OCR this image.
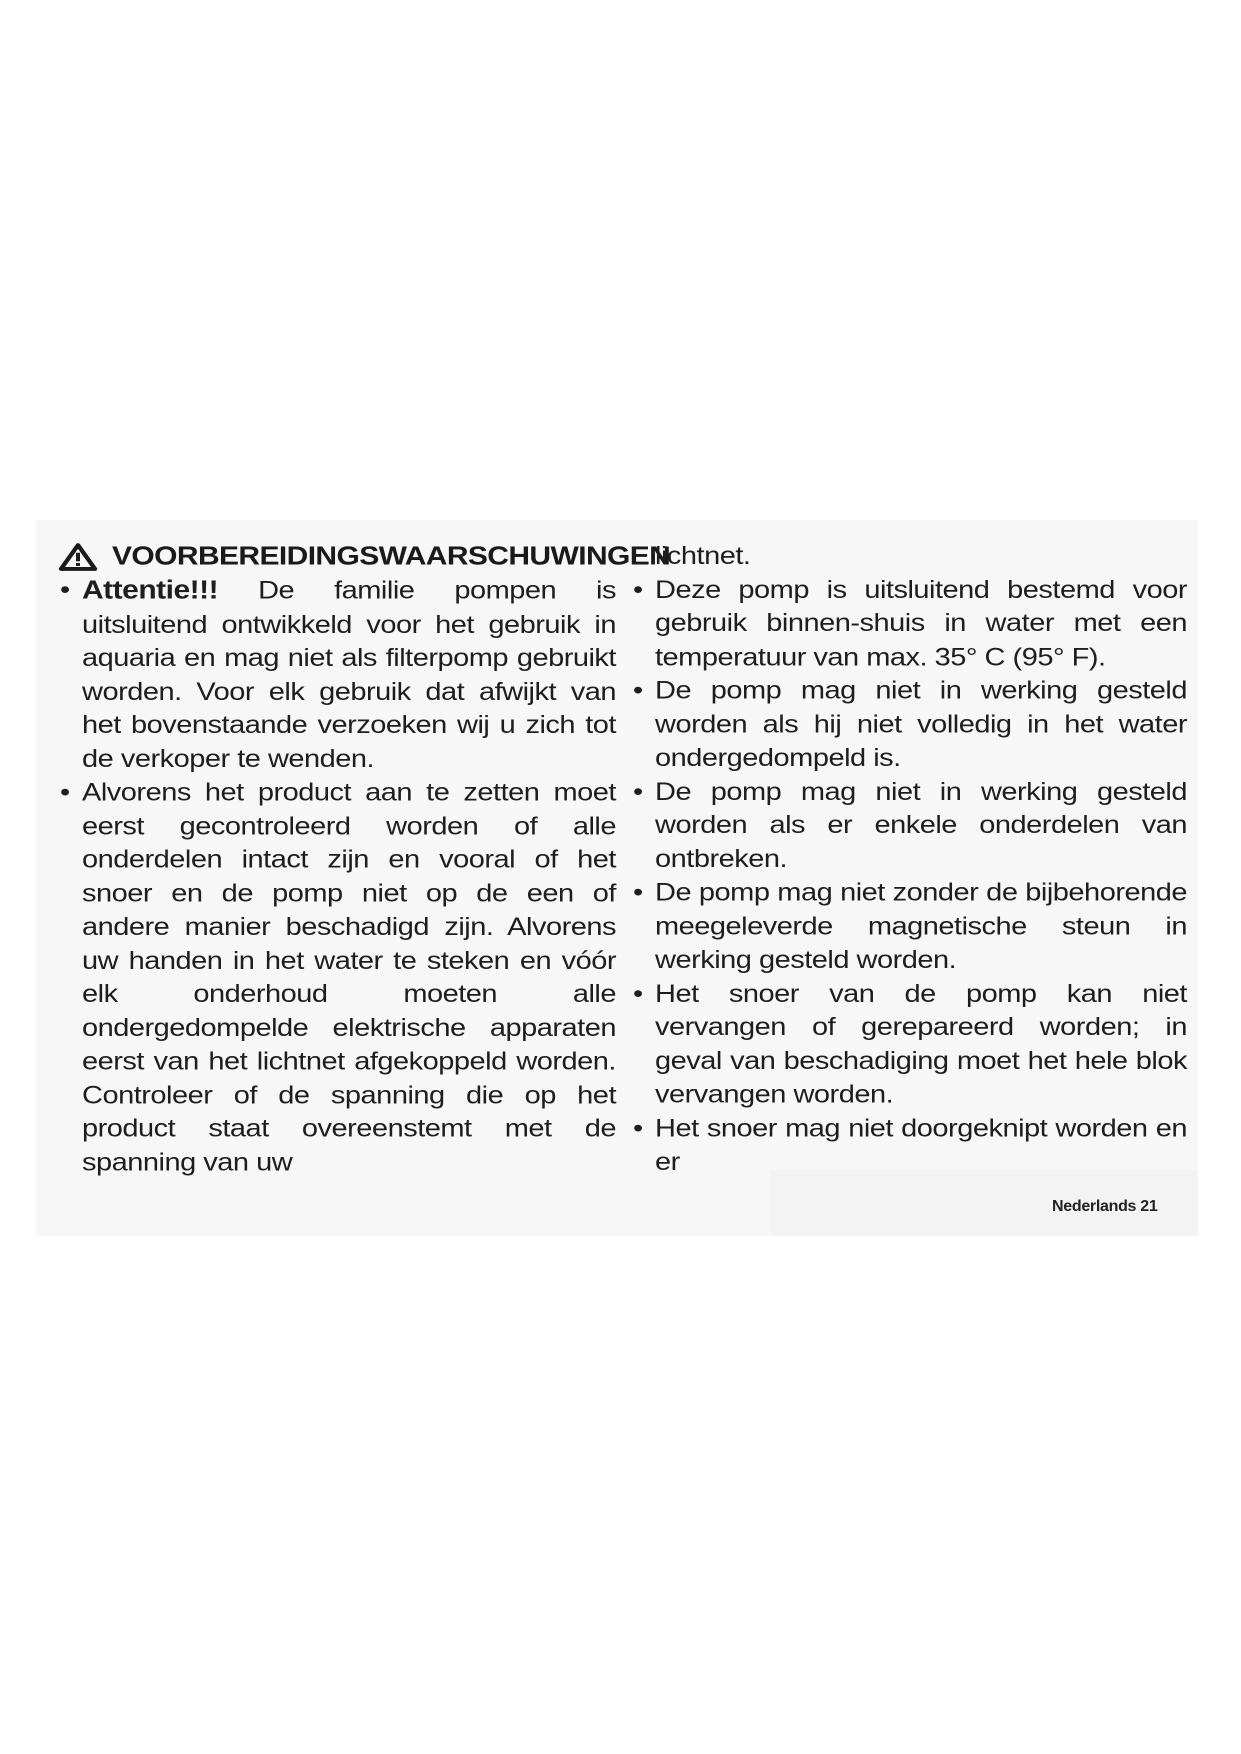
VOORBEREIDINGSWAARSCHUWINGEN
• Attentie!!! De familie pompen is uitsluitend ontwikkeld voor het gebruik in aquaria en mag niet als filterpomp gebruikt worden. Voor elk gebruik dat afwijkt van het bovenstaande verzoeken wij u zich tot de verkoper te wenden.
• Alvorens het product aan te zetten moet eerst gecontroleerd worden of alle onderdelen intact zijn en vooral of het snoer en de pomp niet op de een of andere manier beschadigd zijn. Alvorens uw handen in het water te steken en vóór elk onderhoud moeten alle ondergedompelde elektrische apparaten eerst van het lichtnet afgekoppeld worden. Controleer of de spanning die op het product staat overeenstemt met de spanning van uw
lichtnet.
• Deze pomp is uitsluitend bestemd voor gebruik binnen-shuis in water met een temperatuur van max. 35° C (95° F).
• De pomp mag niet in werking gesteld worden als hij niet volledig in het water ondergedompeld is.
• De pomp mag niet in werking gesteld worden als er enkele onderdelen van ontbreken.
• De pomp mag niet zonder de bijbehorende meegeleverde magnetische steun in werking gesteld worden.
• Het snoer van de pomp kan niet vervangen of gerepareerd worden; in geval van beschadiging moet het hele blok vervangen worden.
• Het snoer mag niet doorgeknipt worden en er
Nederlands 21
